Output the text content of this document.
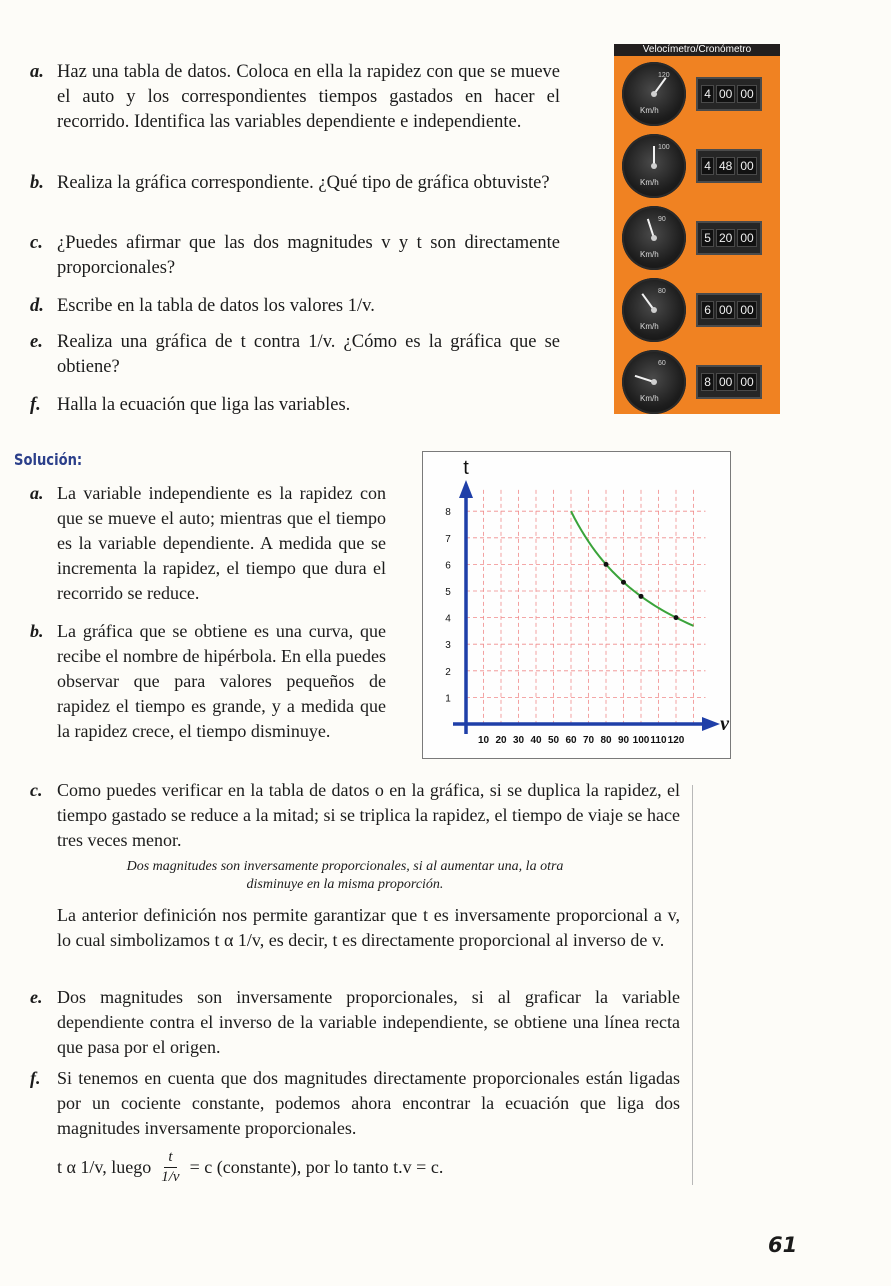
a. Haz una tabla de datos. Coloca en ella la rapidez con que se mueve el auto y los correspondientes tiempos gastados en hacer el recorrido. Identifica las variables dependiente e independiente.
b. Realiza la gráfica correspondiente. ¿Qué tipo de gráfica obtuviste?
c. ¿Puedes afirmar que las dos magnitudes v y t son directamente proporcionales?
d. Escribe en la tabla de datos los valores 1/v.
e. Realiza una gráfica de t contra 1/v. ¿Cómo es la gráfica que se obtiene?
f. Halla la ecuación que liga las variables.
Velocímetro/Cronómetro
120
Km/h
4 00 00
100
Km/h
4 48 00
90
Km/h
5 20 00
80
Km/h
6 00 00
60
Km/h
8 00 00
Solución:
a. La variable independiente es la rapidez con que se mueve el auto; mientras que el tiempo es la variable dependiente. A medida que se incrementa la rapidez, el tiempo que dura el recorrido se reduce.
b. La gráfica que se obtiene es una curva, que recibe el nombre de hipérbola. En ella puedes observar que para valores pequeños de rapidez el tiempo es grande, y a medida que la rapidez crece, el tiempo disminuye.
t
v
1
2
3
4
5
6
7
8
10 20 30 40 50 60 70 80 90 100 110 120
c. Como puedes verificar en la tabla de datos o en la gráfica, si se duplica la rapidez, el tiempo gastado se reduce a la mitad; si se triplica la rapidez, el tiempo de viaje se hace tres veces menor.
Dos magnitudes son inversamente proporcionales, si al aumentar una, la otra disminuye en la misma proporción.
La anterior definición nos permite garantizar que t es inversamente proporcional a v, lo cual simbolizamos t α 1/v, es decir, t es directamente proporcional al inverso de v.
e. Dos magnitudes son inversamente proporcionales, si al graficar la variable dependiente contra el inverso de la variable independiente, se obtiene una línea recta que pasa por el origen.
f. Si tenemos en cuenta que dos magnitudes directamente proporcionales están ligadas por un cociente constante, podemos ahora encontrar la ecuación que liga dos magnitudes inversamente proporcionales.
t α 1/v, luego $\frac{t}{1/v} = c$ (constante), por lo tanto t.v = c.
61
